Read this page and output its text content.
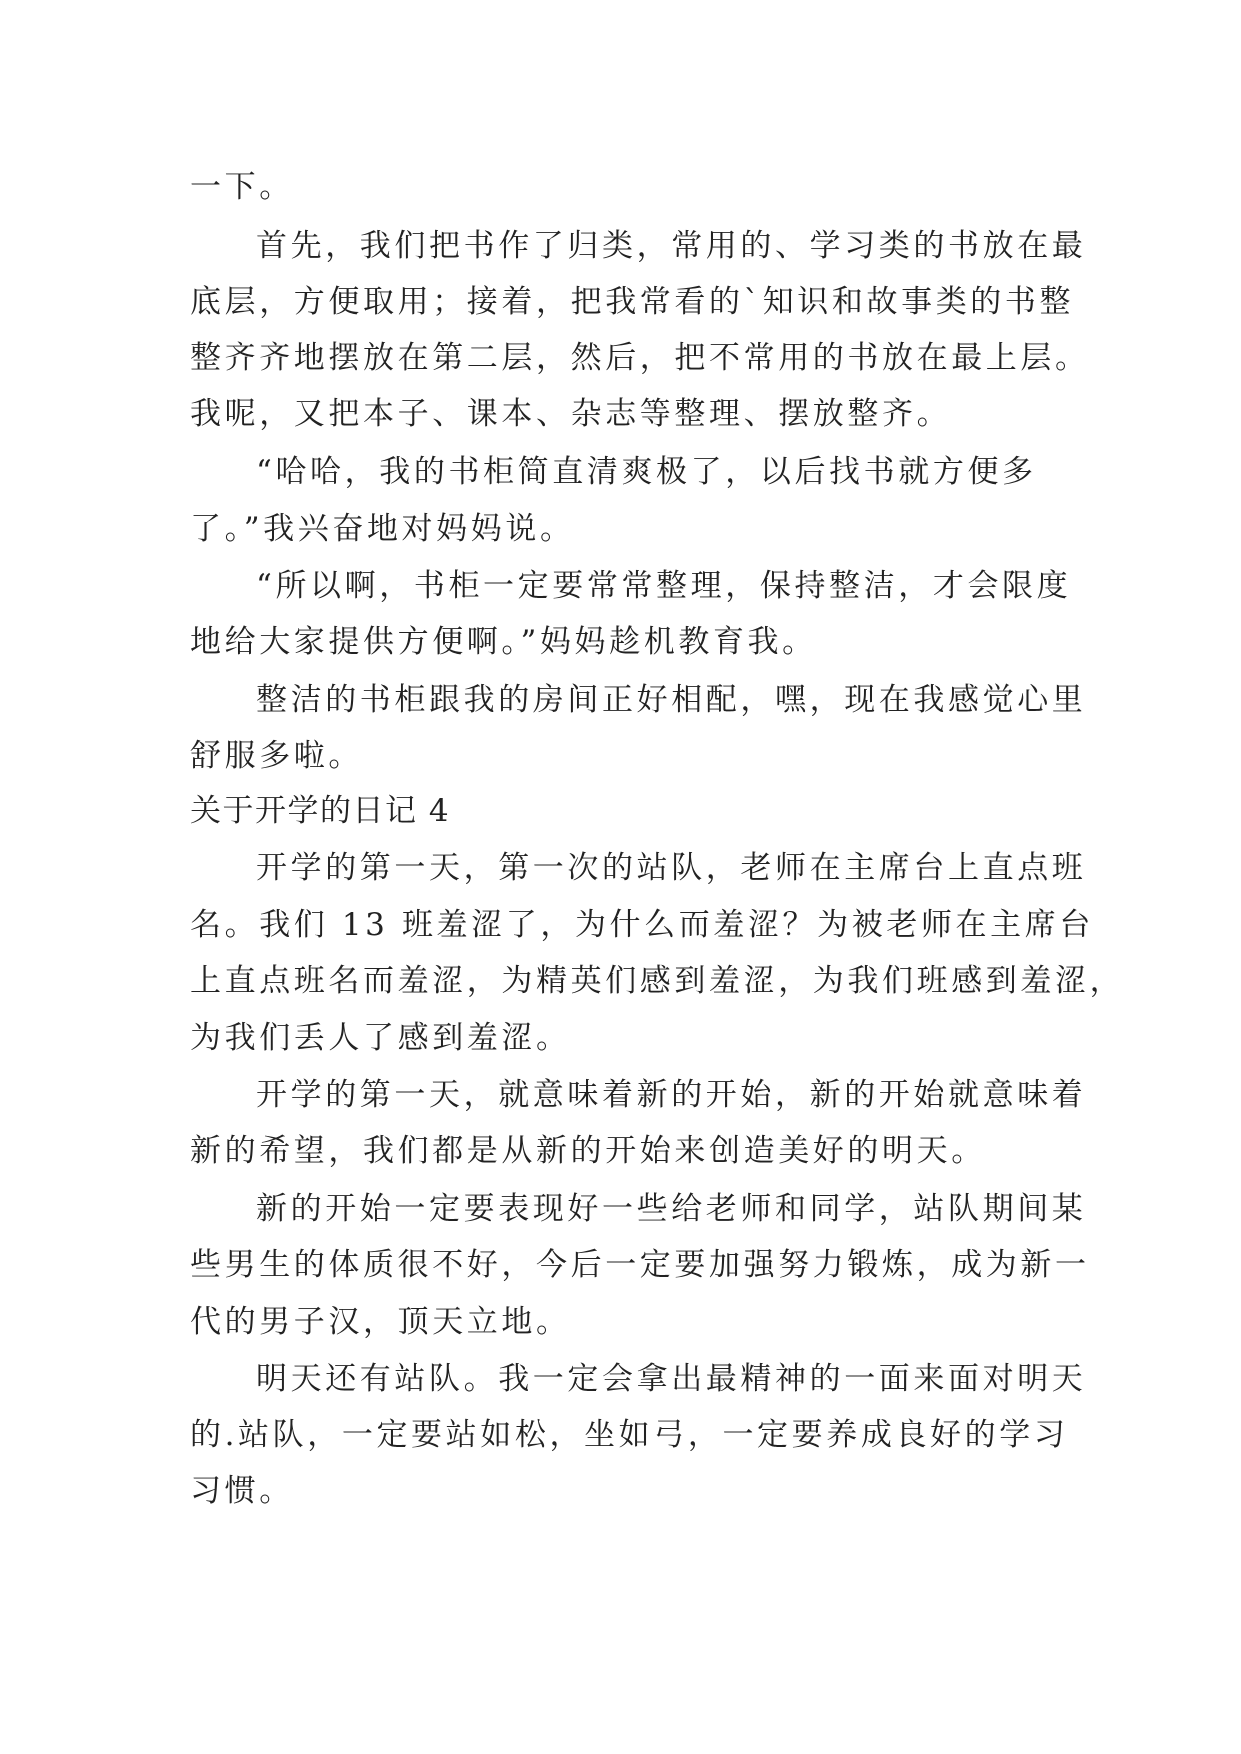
一下。
首先，我们把书作了归类，常用的、学习类的书放在最
底层，方便取用；接着，把我常看的`知识和故事类的书整
整齐齐地摆放在第二层，然后，把不常用的书放在最上层。
我呢，又把本子、课本、杂志等整理、摆放整齐。
“哈哈，我的书柜简直清爽极了，以后找书就方便多
了。”我兴奋地对妈妈说。
“所以啊，书柜一定要常常整理，保持整洁，才会限度
地给大家提供方便啊。”妈妈趁机教育我。
整洁的书柜跟我的房间正好相配，嘿，现在我感觉心里
舒服多啦。
关于开学的日记 4
开学的第一天，第一次的站队，老师在主席台上直点班
名。我们 13 班羞涩了，为什么而羞涩？为被老师在主席台
上直点班名而羞涩，为精英们感到羞涩，为我们班感到羞涩，
为我们丢人了感到羞涩。
开学的第一天，就意味着新的开始，新的开始就意味着
新的希望，我们都是从新的开始来创造美好的明天。
新的开始一定要表现好一些给老师和同学，站队期间某
些男生的体质很不好，今后一定要加强努力锻炼，成为新一
代的男子汉，顶天立地。
明天还有站队。我一定会拿出最精神的一面来面对明天
的.站队，一定要站如松，坐如弓，一定要养成良好的学习
习惯。
